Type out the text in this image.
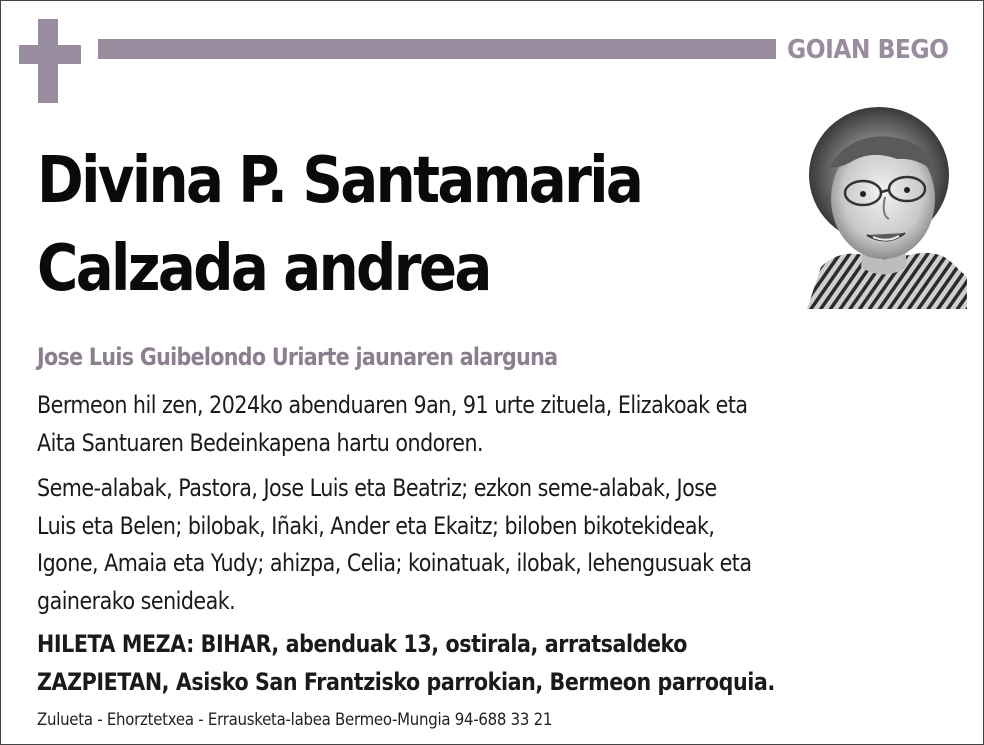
GOIAN BEGO
Divina P. Santamaria
Calzada andrea
Jose Luis Guibelondo Uriarte jaunaren alarguna
Bermeon hil zen, 2024ko abenduaren 9an, 91 urte zituela, Elizakoak eta
Aita Santuaren Bedeinkapena hartu ondoren.
Seme-alabak, Pastora, Jose Luis eta Beatriz; ezkon seme-alabak, Jose
Luis eta Belen; bilobak, Iñaki, Ander eta Ekaitz; biloben bikotekideak,
Igone, Amaia eta Yudy; ahizpa, Celia; koinatuak, ilobak, lehengusuak eta
gainerako senideak.
HILETA MEZA: BIHAR, abenduak 13, ostirala, arratsaldeko
ZAZPIETAN, Asisko San Frantzisko parrokian, Bermeon parroquia.
Zulueta - Ehorztetxea - Errausketa-labea Bermeo-Mungia 94-688 33 21
